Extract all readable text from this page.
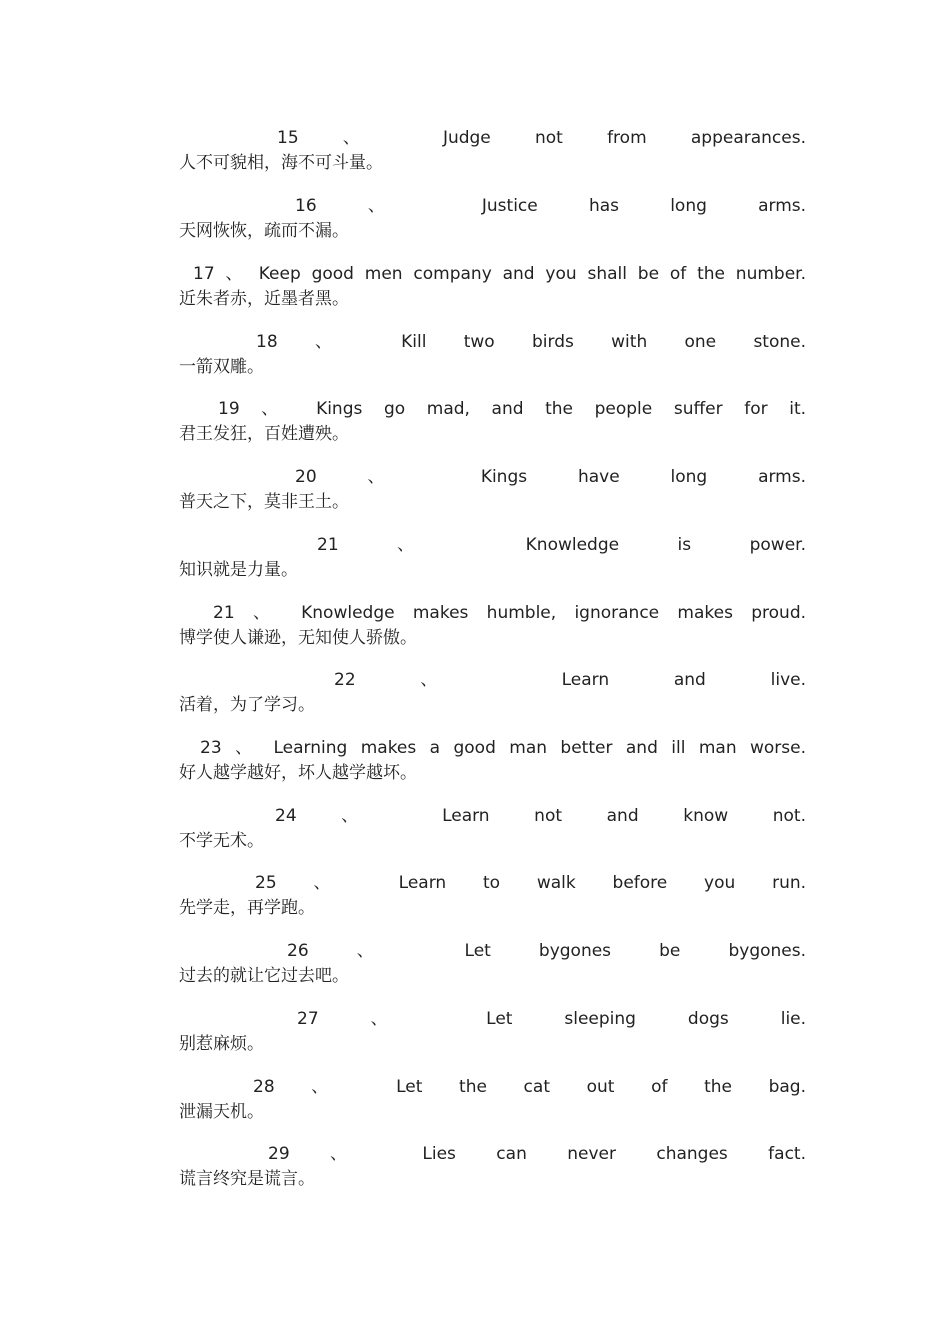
15	、	Judge not from appearances.
人不可貌相，海不可斗量。
16	、	Justice has long arms.
天网恢恢，疏而不漏。
17 、 Keep good men company and you shall be of the number.
近朱者赤，近墨者黑。
18 、 Kill two birds with one stone.
一箭双雕。
19 、 Kings go mad, and the people suffer for it.
君王发狂，百姓遭殃。
20	、	Kings have long arms.
普天之下，莫非王土。
21	、	Knowledge is power.
知识就是力量。
21 、 Knowledge makes humble, ignorance makes proud.
博学使人谦逊，无知使人骄傲。
22	、	Learn and live.
活着，为了学习。
23 、 Learning makes a good man better and ill man worse.
好人越学越好，坏人越学越坏。
24	、	Learn not and know not.
不学无术。
25 、 Learn to walk before you run.
先学走，再学跑。
26	、	Let bygones be bygones.
过去的就让它过去吧。
27	、	Let sleeping dogs lie.
别惹麻烦。
28 、 Let the cat out of the bag.
泄漏天机。
29 、 Lies can never changes fact.
谎言终究是谎言。
